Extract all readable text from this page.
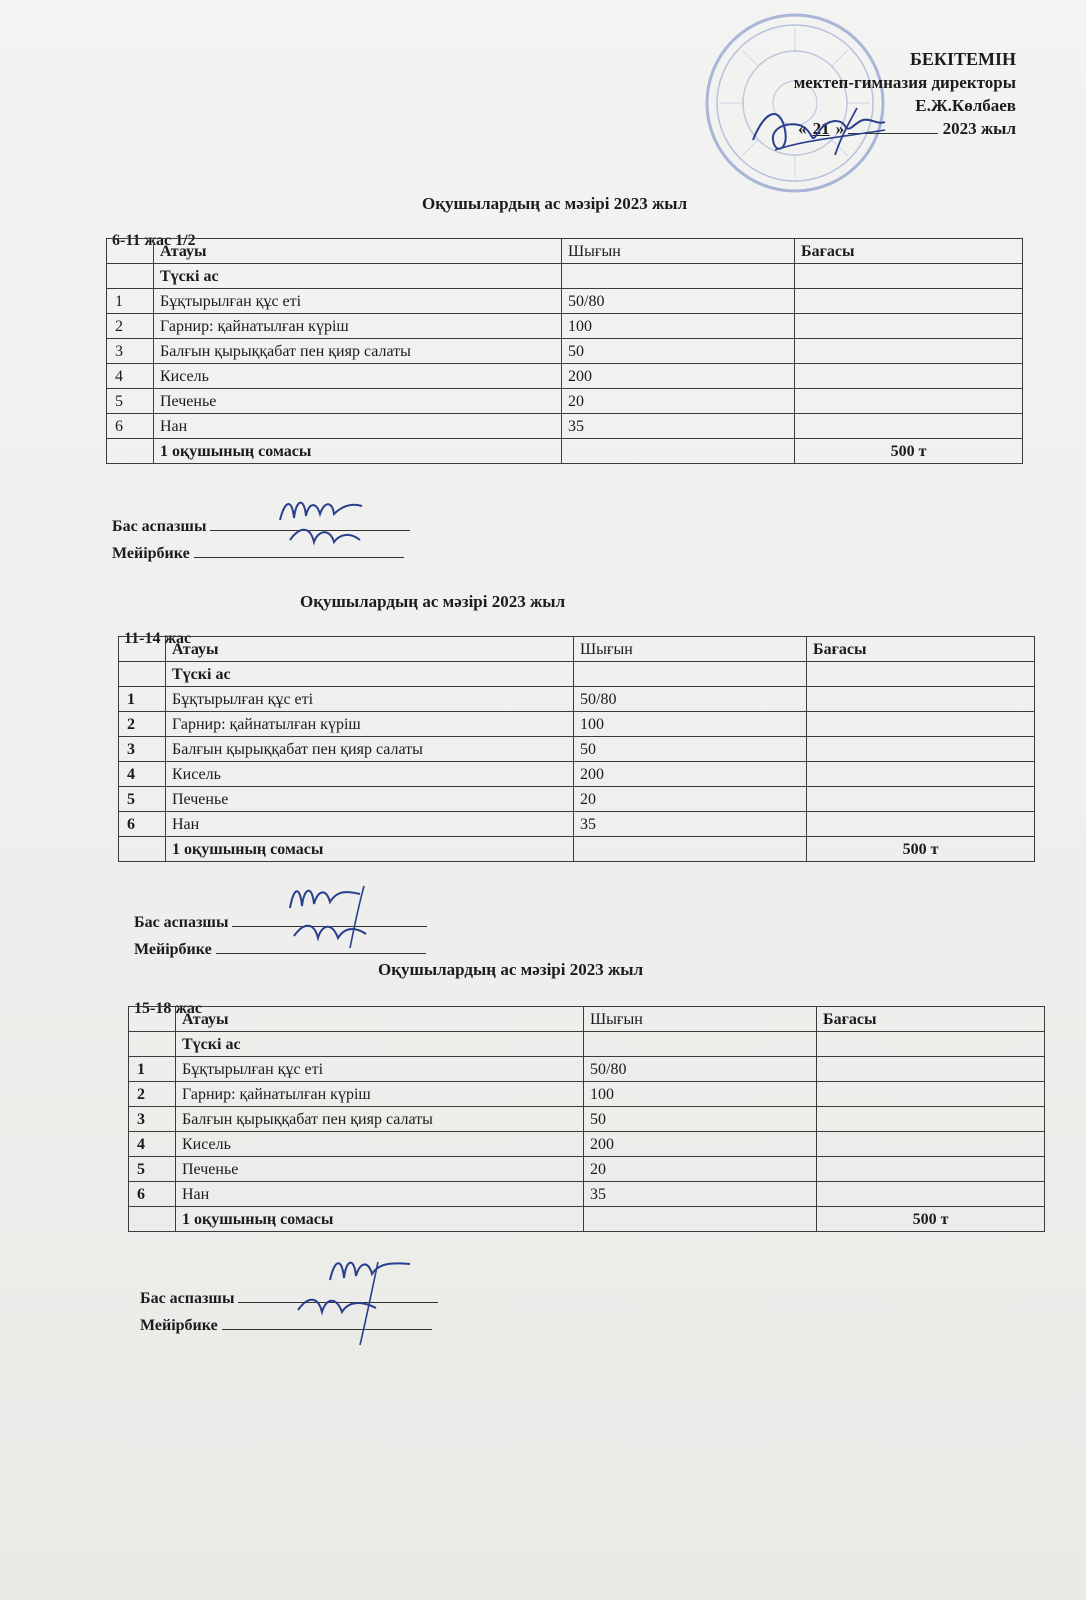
БЕКІТЕМІН
мектеп-гимназия директоры
Е.Ж.Көлбаев
« 21 »	2023 жыл
Оқушылардың ас мәзірі 2023 жыл
6-11 жас 1/2
	Атауы	Шығын	Бағасы
	Түскі ас		
1	Бұқтырылған құс еті	50/80	
2	Гарнир: қайнатылған күріш	100	
3	Балғын қырыққабат пен қияр салаты	50	
4	Кисель	200	
5	Печенье	20	
6	Нан	35	
	1 оқушының сомасы		500 т
Бас аспазшы
Мейірбике
Оқушылардың ас мәзірі 2023 жыл
11-14 жас
	Атауы	Шығын	Бағасы
	Түскі ас		
1	Бұқтырылған құс еті	50/80	
2	Гарнир: қайнатылған күріш	100	
3	Балғын қырыққабат пен қияр салаты	50	
4	Кисель	200	
5	Печенье	20	
6	Нан	35	
	1 оқушының сомасы		500 т
Бас аспазшы
Мейірбике
Оқушылардың ас мәзірі 2023 жыл
15-18 жас
	Атауы	Шығын	Бағасы
	Түскі ас		
1	Бұқтырылған құс еті	50/80	
2	Гарнир: қайнатылған күріш	100	
3	Балғын қырыққабат пен қияр салаты	50	
4	Кисель	200	
5	Печенье	20	
6	Нан	35	
	1 оқушының сомасы		500 т
Бас аспазшы
Мейірбике
